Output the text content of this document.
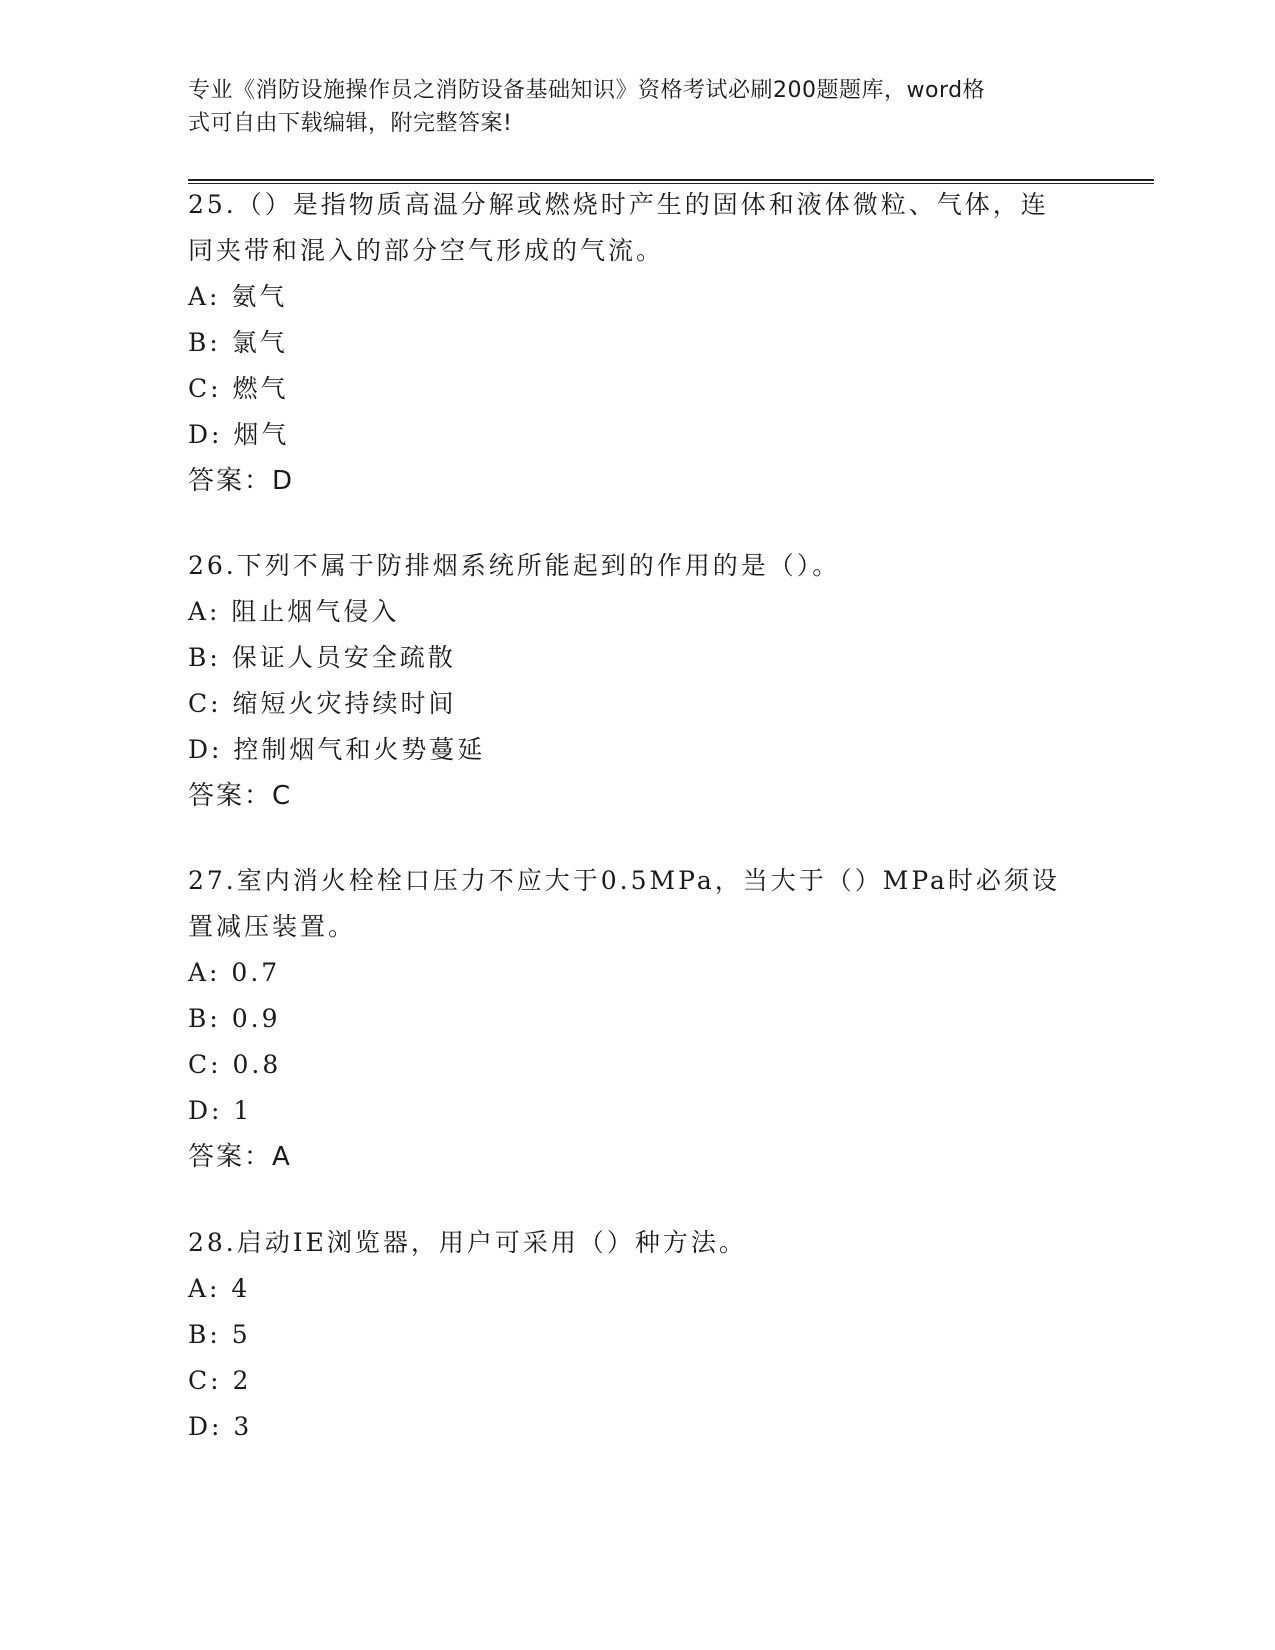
专业《消防设施操作员之消防设备基础知识》资格考试必刷200题题库，word格
式可自由下载编辑，附完整答案!
25.（）是指物质高温分解或燃烧时产生的固体和液体微粒、气体，连
同夹带和混入的部分空气形成的气流。
A: 氨气
B: 氯气
C: 燃气
D: 烟气
答案：D
26.下列不属于防排烟系统所能起到的作用的是（）。
A: 阻止烟气侵入
B: 保证人员安全疏散
C: 缩短火灾持续时间
D: 控制烟气和火势蔓延
答案：C
27.室内消火栓栓口压力不应大于0.5MPa，当大于（）MPa时必须设
置减压装置。
A: 0.7
B: 0.9
C: 0.8
D: 1
答案：A
28.启动IE浏览器，用户可采用（）种方法。
A: 4
B: 5
C: 2
D: 3
